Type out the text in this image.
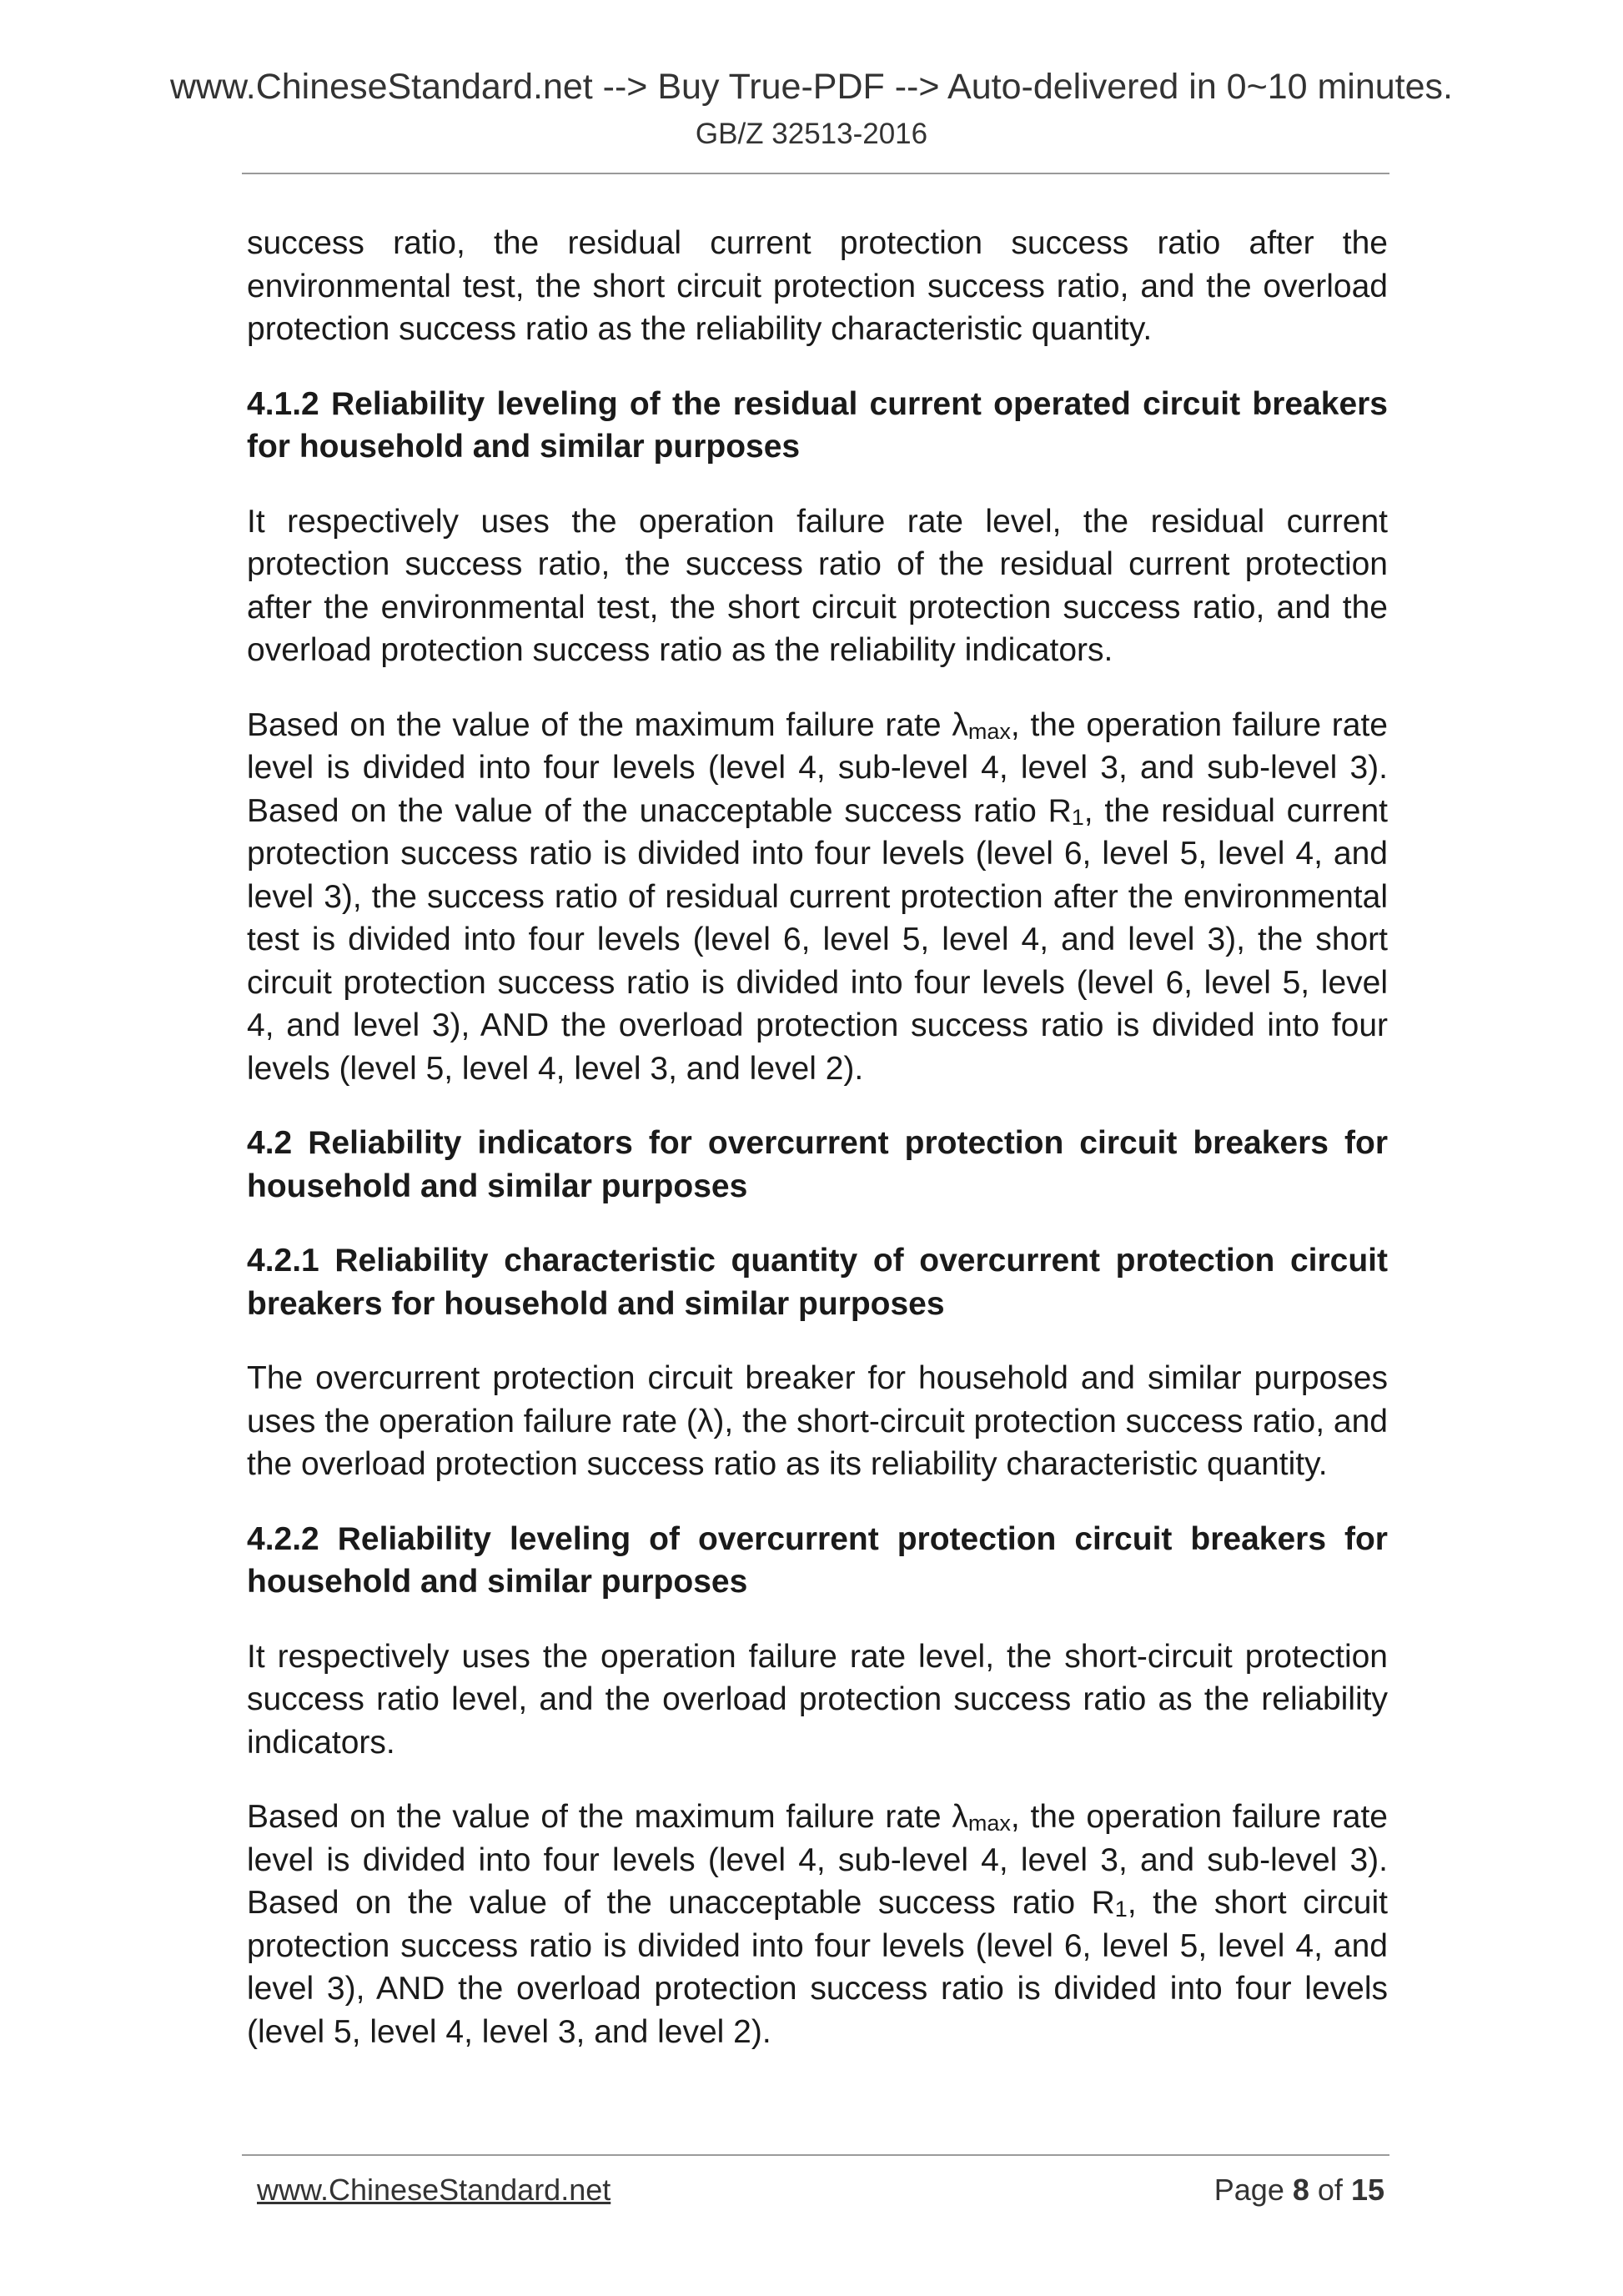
www.ChineseStandard.net --> Buy True-PDF --> Auto-delivered in 0~10 minutes.
GB/Z 32513-2016

success ratio, the residual current protection success ratio after the environmental test, the short circuit protection success ratio, and the overload protection success ratio as the reliability characteristic quantity.

4.1.2 Reliability leveling of the residual current operated circuit breakers for household and similar purposes

It respectively uses the operation failure rate level, the residual current protection success ratio, the success ratio of the residual current protection after the environmental test, the short circuit protection success ratio, and the overload protection success ratio as the reliability indicators.

Based on the value of the maximum failure rate λmax, the operation failure rate level is divided into four levels (level 4, sub-level 4, level 3, and sub-level 3). Based on the value of the unacceptable success ratio R1, the residual current protection success ratio is divided into four levels (level 6, level 5, level 4, and level 3), the success ratio of residual current protection after the environmental test is divided into four levels (level 6, level 5, level 4, and level 3), the short circuit protection success ratio is divided into four levels (level 6, level 5, level 4, and level 3), AND the overload protection success ratio is divided into four levels (level 5, level 4, level 3, and level 2).

4.2 Reliability indicators for overcurrent protection circuit breakers for household and similar purposes

4.2.1 Reliability characteristic quantity of overcurrent protection circuit breakers for household and similar purposes

The overcurrent protection circuit breaker for household and similar purposes uses the operation failure rate (λ), the short-circuit protection success ratio, and the overload protection success ratio as its reliability characteristic quantity.

4.2.2 Reliability leveling of overcurrent protection circuit breakers for household and similar purposes

It respectively uses the operation failure rate level, the short-circuit protection success ratio level, and the overload protection success ratio as the reliability indicators.

Based on the value of the maximum failure rate λmax, the operation failure rate level is divided into four levels (level 4, sub-level 4, level 3, and sub-level 3). Based on the value of the unacceptable success ratio R1, the short circuit protection success ratio is divided into four levels (level 6, level 5, level 4, and level 3), AND the overload protection success ratio is divided into four levels (level 5, level 4, level 3, and level 2).

www.ChineseStandard.net	Page 8 of 15
